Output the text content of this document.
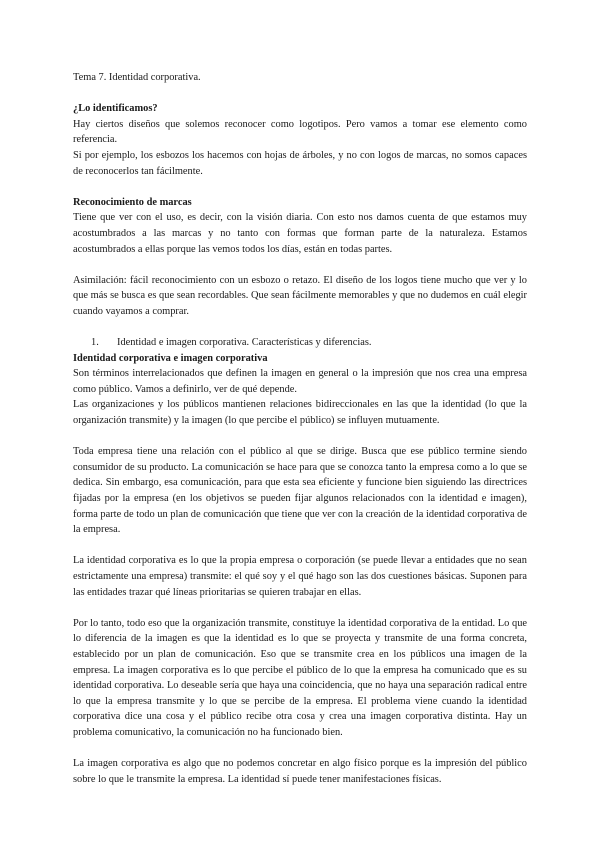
Tema 7. Identidad corporativa.

¿Lo identificamos?

Hay ciertos diseños que solemos reconocer como logotipos. Pero vamos a tomar ese elemento como referencia.

Si por ejemplo, los esbozos los hacemos con hojas de árboles, y no con logos de marcas, no somos capaces de reconocerlos tan fácilmente.

Reconocimiento de marcas

Tiene que ver con el uso, es decir, con la visión diaria. Con esto nos damos cuenta de que estamos muy acostumbrados a las marcas y no tanto con formas que forman parte de la naturaleza. Estamos acostumbrados a ellas porque las vemos todos los días, están en todas partes.

Asimilación: fácil reconocimiento con un esbozo o retazo. El diseño de los logos tiene mucho que ver y lo que más se busca es que sean recordables. Que sean fácilmente memorables y que no dudemos en cuál elegir cuando vayamos a comprar.

1.	Identidad e imagen corporativa. Características y diferencias.

Identidad corporativa e imagen corporativa

Son términos interrelacionados que definen la imagen en general o la impresión que nos crea una empresa como público. Vamos a definirlo, ver de qué depende.

Las organizaciones y los públicos mantienen relaciones bidireccionales en las que la identidad (lo que la organización transmite) y la imagen (lo que percibe el público) se influyen mutuamente.

Toda empresa tiene una relación con el público al que se dirige. Busca que ese público termine siendo consumidor de su producto. La comunicación se hace para que se conozca tanto la empresa como a lo que se dedica. Sin embargo, esa comunicación, para que esta sea eficiente y funcione bien siguiendo las directrices fijadas por la empresa (en los objetivos se pueden fijar algunos relacionados con la identidad e imagen), forma parte de todo un plan de comunicación que tiene que ver con la creación de la identidad corporativa de la empresa.

La identidad corporativa es lo que la propia empresa o corporación (se puede llevar a entidades que no sean estrictamente una empresa) transmite: el qué soy y el qué hago son las dos cuestiones básicas. Suponen para las entidades trazar qué líneas prioritarias se quieren trabajar en ellas.

Por lo tanto, todo eso que la organización transmite, constituye la identidad corporativa de la entidad. Lo que lo diferencia de la imagen es que la identidad es lo que se proyecta y transmite de una forma concreta, establecido por un plan de comunicación. Eso que se transmite crea en los públicos una imagen de la empresa. La imagen corporativa es lo que percibe el público de lo que la empresa ha comunicado que es su identidad corporativa. Lo deseable sería que haya una coincidencia, que no haya una separación radical entre lo que la empresa transmite y lo que se percibe de la empresa. El problema viene cuando la identidad corporativa dice una cosa y el público recibe otra cosa y crea una imagen corporativa distinta. Hay un problema comunicativo, la comunicación no ha funcionado bien.

La imagen corporativa es algo que no podemos concretar en algo físico porque es la impresión del público sobre lo que le transmite la empresa. La identidad sí puede tener manifestaciones físicas.
